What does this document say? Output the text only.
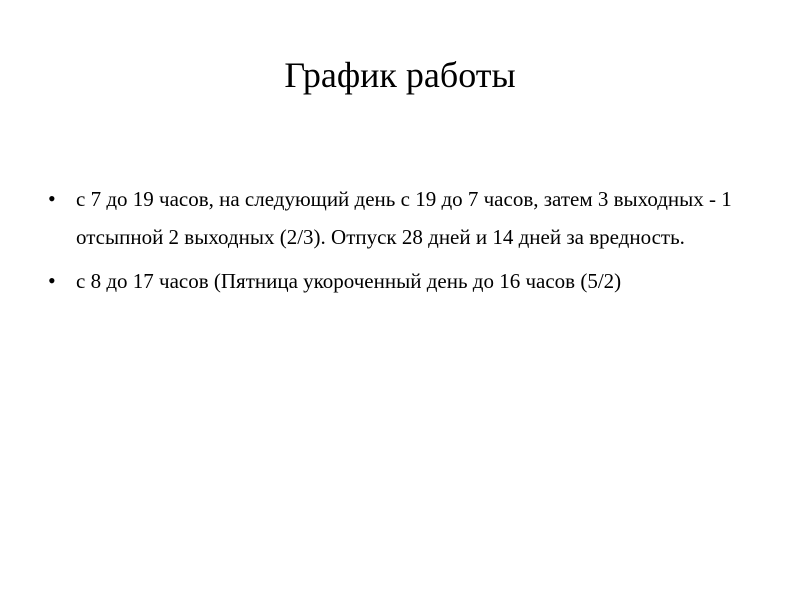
График работы
• с 7 до 19 часов, на следующий день с 19 до 7 часов, затем 3 выходных - 1 отсыпной 2 выходных (2/3). Отпуск 28 дней и 14 дней за вредность.
• с 8 до 17 часов (Пятница укороченный день до 16 часов (5/2)
